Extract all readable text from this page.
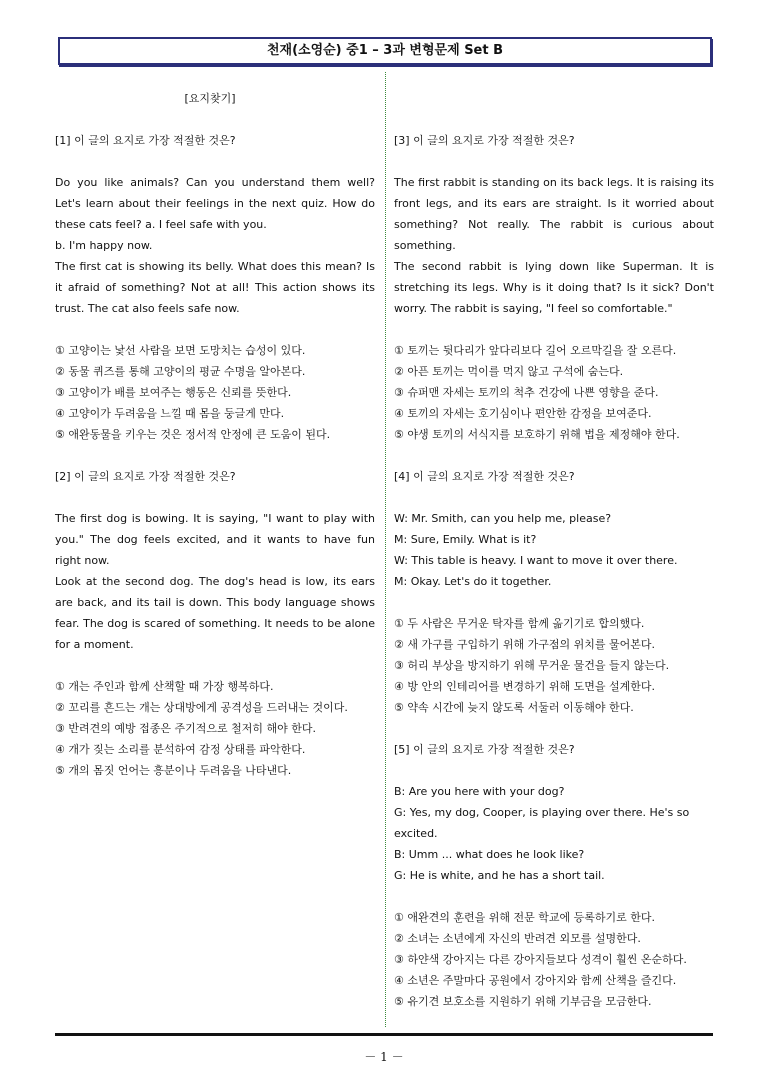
천재(소영순) 중1 – 3과 변형문제 Set B
[요지찾기]

[1] 이 글의 요지로 가장 적절한 것은?

Do you like animals? Can you understand them well? Let's learn about their feelings in the next quiz. How do these cats feel? a. I feel safe with you.

b. I'm happy now.

The first cat is showing its belly. What does this mean? Is it afraid of something? Not at all! This action shows its trust. The cat also feels safe now.

① 고양이는 낯선 사람을 보면 도망치는 습성이 있다.
② 동물 퀴즈를 통해 고양이의 평균 수명을 알아본다.
③ 고양이가 배를 보여주는 행동은 신뢰를 뜻한다.
④ 고양이가 두려움을 느낄 때 몸을 둥글게 만다.
⑤ 애완동물을 키우는 것은 정서적 안정에 큰 도움이 된다.

[2] 이 글의 요지로 가장 적절한 것은?

The first dog is bowing. It is saying, "I want to play with you." The dog feels excited, and it wants to have fun right now.

Look at the second dog. The dog's head is low, its ears are back, and its tail is down. This body language shows fear. The dog is scared of something. It needs to be alone for a moment.

① 개는 주인과 함께 산책할 때 가장 행복하다.
② 꼬리를 흔드는 개는 상대방에게 공격성을 드러내는 것이다.
③ 반려견의 예방 접종은 주기적으로 철저히 해야 한다.
④ 개가 짖는 소리를 분석하여 감정 상태를 파악한다.
⑤ 개의 몸짓 언어는 흥분이나 두려움을 나타낸다.

[3] 이 글의 요지로 가장 적절한 것은?

The first rabbit is standing on its back legs. It is raising its front legs, and its ears are straight. Is it worried about something? Not really. The rabbit is curious about something.

The second rabbit is lying down like Superman. It is stretching its legs. Why is it doing that? Is it sick? Don't worry. The rabbit is saying, "I feel so comfortable."

① 토끼는 뒷다리가 앞다리보다 길어 오르막길을 잘 오른다.
② 아픈 토끼는 먹이를 먹지 않고 구석에 숨는다.
③ 슈퍼맨 자세는 토끼의 척추 건강에 나쁜 영향을 준다.
④ 토끼의 자세는 호기심이나 편안한 감정을 보여준다.
⑤ 야생 토끼의 서식지를 보호하기 위해 법을 제정해야 한다.

[4] 이 글의 요지로 가장 적절한 것은?

W: Mr. Smith, can you help me, please?

M: Sure, Emily. What is it?

W: This table is heavy. I want to move it over there.

M: Okay. Let's do it together.

① 두 사람은 무거운 탁자를 함께 옮기기로 합의했다.
② 새 가구를 구입하기 위해 가구점의 위치를 물어본다.
③ 허리 부상을 방지하기 위해 무거운 물건을 들지 않는다.
④ 방 안의 인테리어를 변경하기 위해 도면을 설계한다.
⑤ 약속 시간에 늦지 않도록 서둘러 이동해야 한다.

[5] 이 글의 요지로 가장 적절한 것은?

B: Are you here with your dog?

G: Yes, my dog, Cooper, is playing over there. He's so excited.

B: Umm ... what does he look like?

G: He is white, and he has a short tail.

① 애완견의 훈련을 위해 전문 학교에 등록하기로 한다.
② 소녀는 소년에게 자신의 반려견 외모를 설명한다.
③ 하얀색 강아지는 다른 강아지들보다 성격이 훨씬 온순하다.
④ 소년은 주말마다 공원에서 강아지와 함께 산책을 즐긴다.
⑤ 유기견 보호소를 지원하기 위해 기부금을 모금한다.
－ 1 －
